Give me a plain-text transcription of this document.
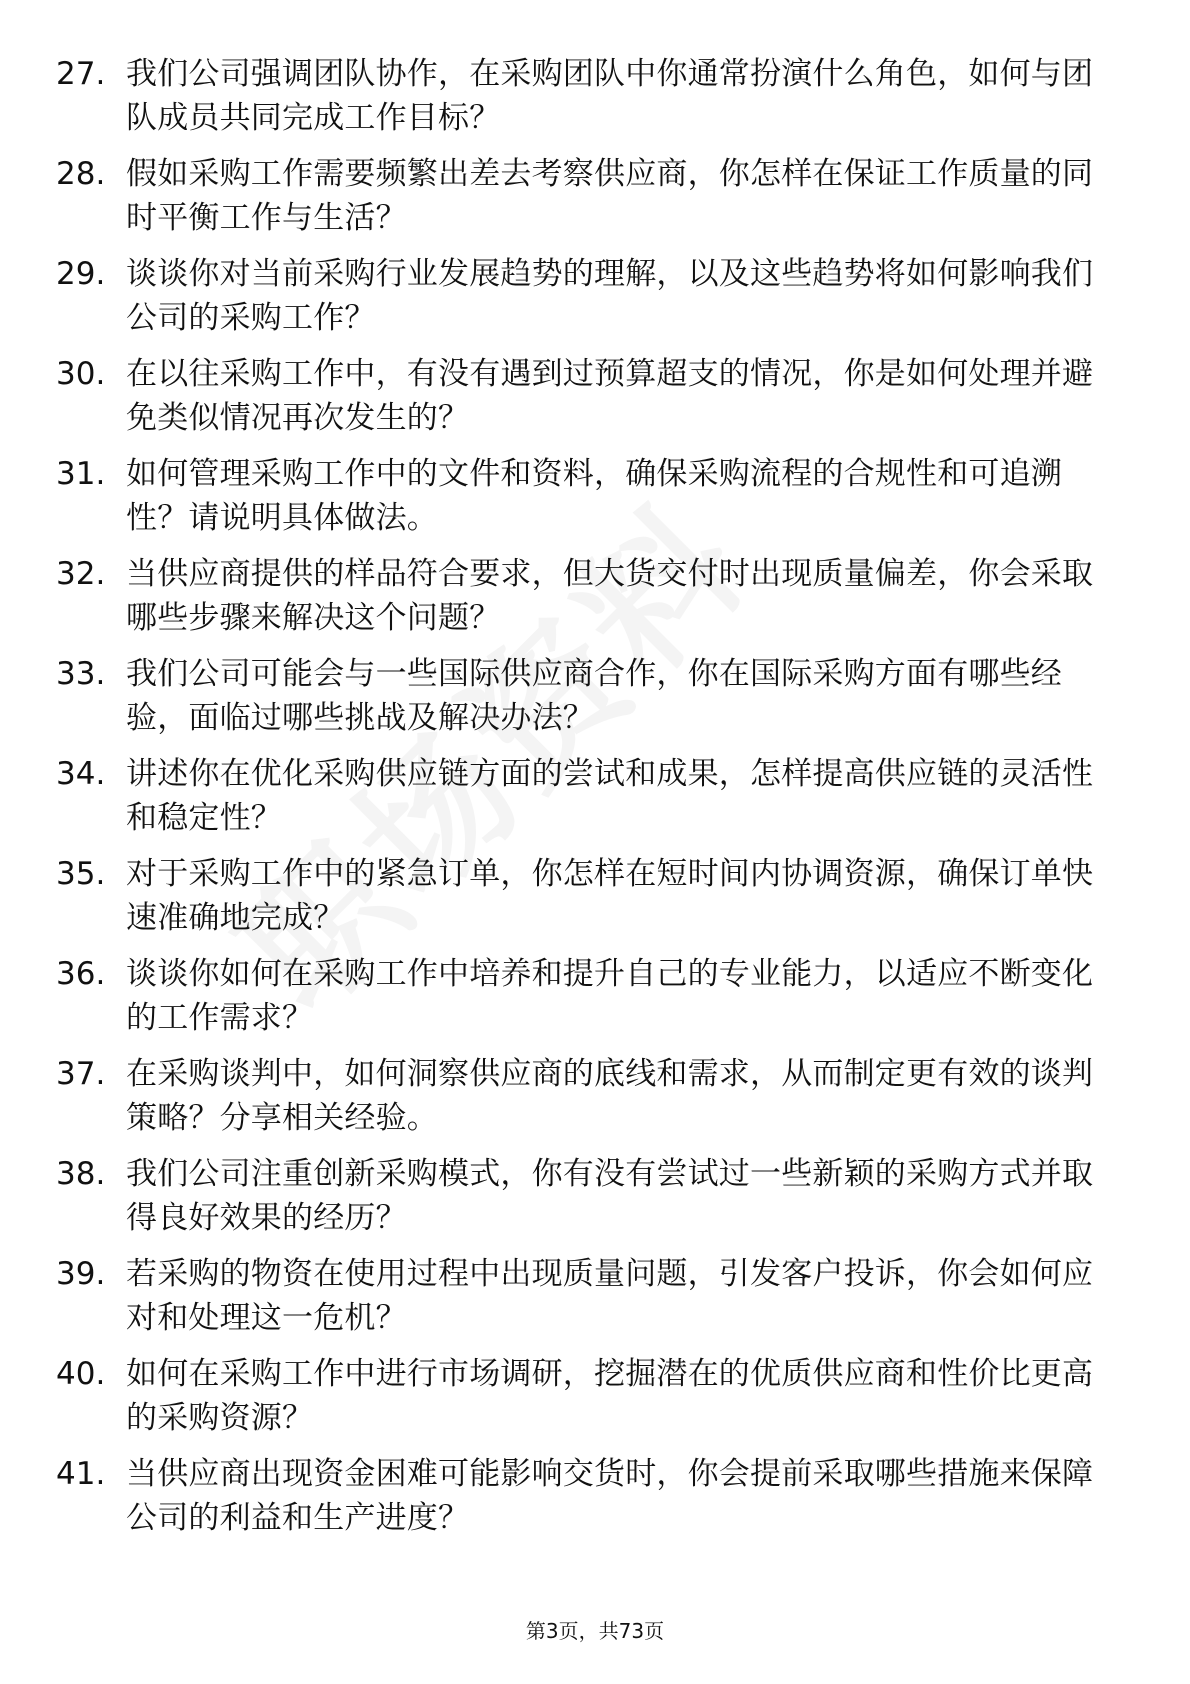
27. 我们公司强调团队协作，在采购团队中你通常扮演什么角色，如何与团队成员共同完成工作目标？
28. 假如采购工作需要频繁出差去考察供应商，你怎样在保证工作质量的同时平衡工作与生活？
29. 谈谈你对当前采购行业发展趋势的理解，以及这些趋势将如何影响我们公司的采购工作？
30. 在以往采购工作中，有没有遇到过预算超支的情况，你是如何处理并避免类似情况再次发生的？
31. 如何管理采购工作中的文件和资料，确保采购流程的合规性和可追溯性？请说明具体做法。
32. 当供应商提供的样品符合要求，但大货交付时出现质量偏差，你会采取哪些步骤来解决这个问题？
33. 我们公司可能会与一些国际供应商合作，你在国际采购方面有哪些经验，面临过哪些挑战及解决办法？
34. 讲述你在优化采购供应链方面的尝试和成果，怎样提高供应链的灵活性和稳定性？
35. 对于采购工作中的紧急订单，你怎样在短时间内协调资源，确保订单快速准确地完成？
36. 谈谈你如何在采购工作中培养和提升自己的专业能力，以适应不断变化的工作需求？
37. 在采购谈判中，如何洞察供应商的底线和需求，从而制定更有效的谈判策略？分享相关经验。
38. 我们公司注重创新采购模式，你有没有尝试过一些新颖的采购方式并取得良好效果的经历？
39. 若采购的物资在使用过程中出现质量问题，引发客户投诉，你会如何应对和处理这一危机？
40. 如何在采购工作中进行市场调研，挖掘潜在的优质供应商和性价比更高的采购资源？
41. 当供应商出现资金困难可能影响交货时，你会提前采取哪些措施来保障公司的利益和生产进度？
第3页，共73页
